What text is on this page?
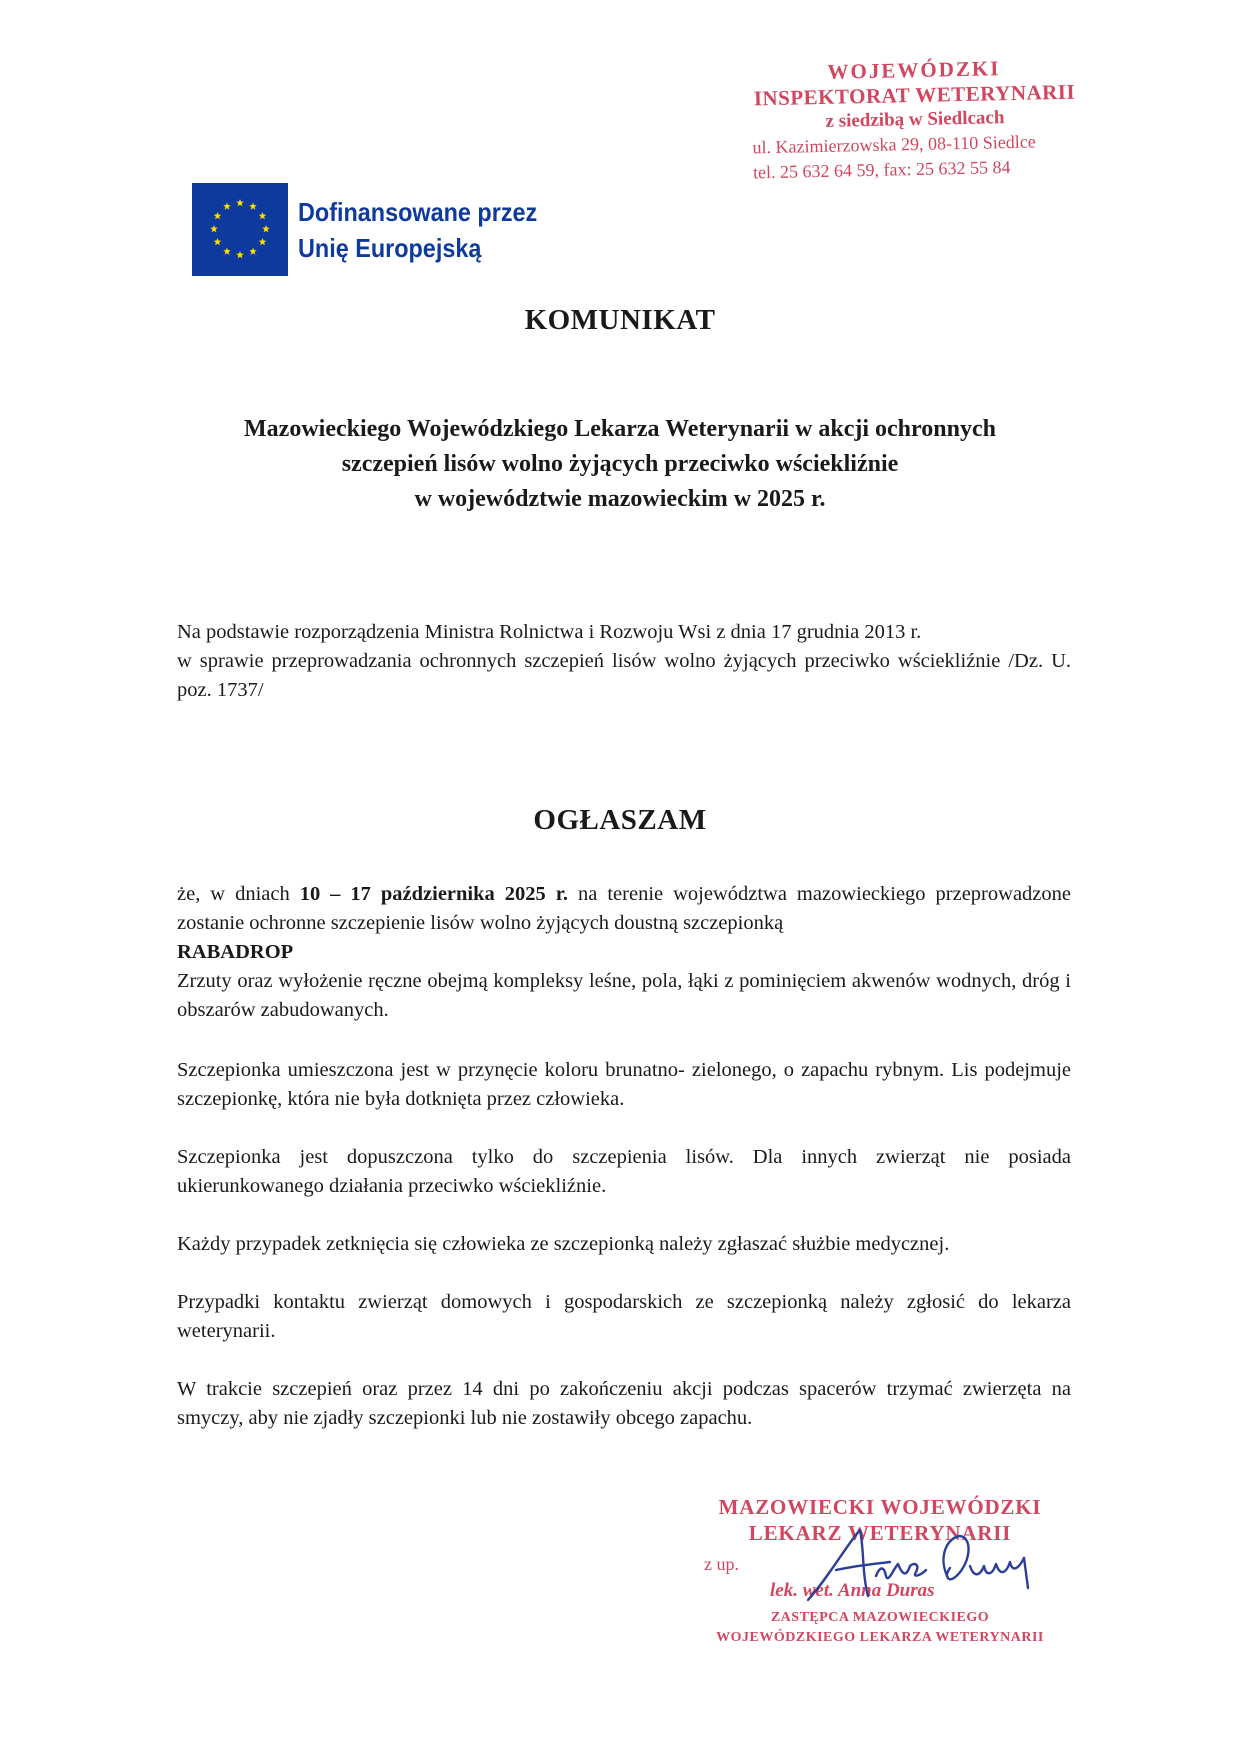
WOJEWÓDZKI
INSPEKTORAT WETERYNARII
z siedzibą w Siedlcach
ul. Kazimierzowska 29, 08-110 Siedlce
tel. 25 632 64 59, fax: 25 632 55 84
Dofinansowane przez
Unię Europejską
KOMUNIKAT
Mazowieckiego Wojewódzkiego Lekarza Weterynarii w akcji ochronnych
szczepień lisów wolno żyjących przeciwko wściekliźnie
w województwie mazowieckim w 2025 r.
Na podstawie rozporządzenia Ministra Rolnictwa i Rozwoju Wsi z dnia 17 grudnia 2013 r.
w sprawie przeprowadzania ochronnych szczepień lisów wolno żyjących przeciwko wściekliźnie /Dz. U. poz. 1737/
OGŁASZAM
że, w dniach 10 – 17 października 2025 r. na terenie województwa mazowieckiego przeprowadzone zostanie ochronne szczepienie lisów wolno żyjących doustną szczepionką
RABADROP
Zrzuty oraz wyłożenie ręczne obejmą kompleksy leśne, pola, łąki z pominięciem akwenów wodnych, dróg i obszarów zabudowanych.
Szczepionka umieszczona jest w przynęcie koloru brunatno- zielonego, o zapachu rybnym. Lis podejmuje szczepionkę, która nie była dotknięta przez człowieka.
Szczepionka jest dopuszczona tylko do szczepienia lisów. Dla innych zwierząt nie posiada ukierunkowanego działania przeciwko wściekliźnie.
Każdy przypadek zetknięcia się człowieka ze szczepionką należy zgłaszać służbie medycznej.
Przypadki kontaktu zwierząt domowych i gospodarskich ze szczepionką należy zgłosić do lekarza weterynarii.
W trakcie szczepień oraz przez 14 dni po zakończeniu akcji podczas spacerów trzymać zwierzęta na smyczy, aby nie zjadły szczepionki lub nie zostawiły obcego zapachu.
MAZOWIECKI WOJEWÓDZKI
LEKARZ WETERYNARII
z up.
lek. wet. Anna Duras
ZASTĘPCA MAZOWIECKIEGO
WOJEWÓDZKIEGO LEKARZA WETERYNARII
